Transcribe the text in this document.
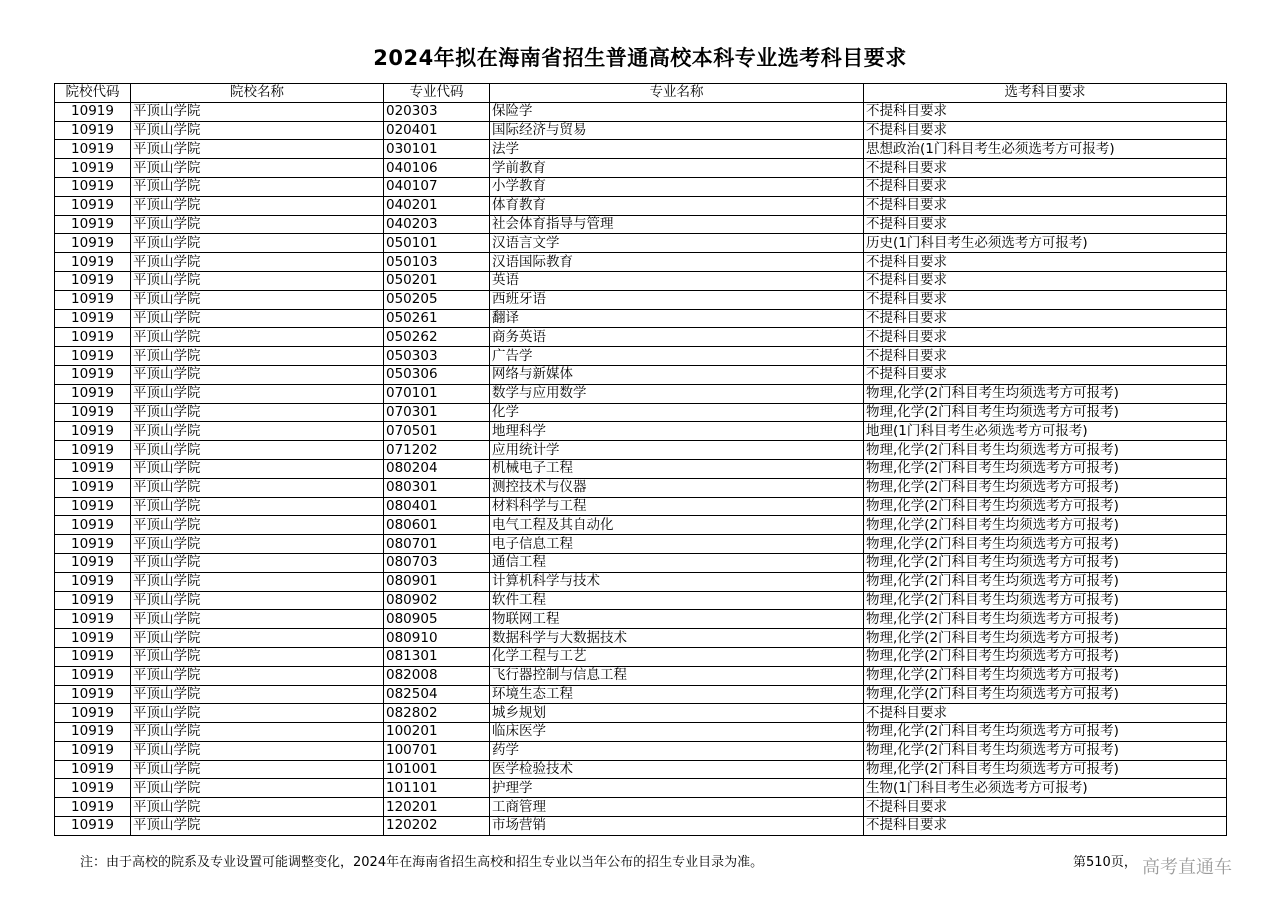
2024年拟在海南省招生普通高校本科专业选考科目要求
院校代码	院校名称	专业代码	专业名称	选考科目要求
10919	平顶山学院	020303	保险学	不提科目要求
10919	平顶山学院	020401	国际经济与贸易	不提科目要求
10919	平顶山学院	030101	法学	思想政治(1门科目考生必须选考方可报考)
10919	平顶山学院	040106	学前教育	不提科目要求
10919	平顶山学院	040107	小学教育	不提科目要求
10919	平顶山学院	040201	体育教育	不提科目要求
10919	平顶山学院	040203	社会体育指导与管理	不提科目要求
10919	平顶山学院	050101	汉语言文学	历史(1门科目考生必须选考方可报考)
10919	平顶山学院	050103	汉语国际教育	不提科目要求
10919	平顶山学院	050201	英语	不提科目要求
10919	平顶山学院	050205	西班牙语	不提科目要求
10919	平顶山学院	050261	翻译	不提科目要求
10919	平顶山学院	050262	商务英语	不提科目要求
10919	平顶山学院	050303	广告学	不提科目要求
10919	平顶山学院	050306	网络与新媒体	不提科目要求
10919	平顶山学院	070101	数学与应用数学	物理,化学(2门科目考生均须选考方可报考)
10919	平顶山学院	070301	化学	物理,化学(2门科目考生均须选考方可报考)
10919	平顶山学院	070501	地理科学	地理(1门科目考生必须选考方可报考)
10919	平顶山学院	071202	应用统计学	物理,化学(2门科目考生均须选考方可报考)
10919	平顶山学院	080204	机械电子工程	物理,化学(2门科目考生均须选考方可报考)
10919	平顶山学院	080301	测控技术与仪器	物理,化学(2门科目考生均须选考方可报考)
10919	平顶山学院	080401	材料科学与工程	物理,化学(2门科目考生均须选考方可报考)
10919	平顶山学院	080601	电气工程及其自动化	物理,化学(2门科目考生均须选考方可报考)
10919	平顶山学院	080701	电子信息工程	物理,化学(2门科目考生均须选考方可报考)
10919	平顶山学院	080703	通信工程	物理,化学(2门科目考生均须选考方可报考)
10919	平顶山学院	080901	计算机科学与技术	物理,化学(2门科目考生均须选考方可报考)
10919	平顶山学院	080902	软件工程	物理,化学(2门科目考生均须选考方可报考)
10919	平顶山学院	080905	物联网工程	物理,化学(2门科目考生均须选考方可报考)
10919	平顶山学院	080910	数据科学与大数据技术	物理,化学(2门科目考生均须选考方可报考)
10919	平顶山学院	081301	化学工程与工艺	物理,化学(2门科目考生均须选考方可报考)
10919	平顶山学院	082008	飞行器控制与信息工程	物理,化学(2门科目考生均须选考方可报考)
10919	平顶山学院	082504	环境生态工程	物理,化学(2门科目考生均须选考方可报考)
10919	平顶山学院	082802	城乡规划	不提科目要求
10919	平顶山学院	100201	临床医学	物理,化学(2门科目考生均须选考方可报考)
10919	平顶山学院	100701	药学	物理,化学(2门科目考生均须选考方可报考)
10919	平顶山学院	101001	医学检验技术	物理,化学(2门科目考生均须选考方可报考)
10919	平顶山学院	101101	护理学	生物(1门科目考生必须选考方可报考)
10919	平顶山学院	120201	工商管理	不提科目要求
10919	平顶山学院	120202	市场营销	不提科目要求
注：由于高校的院系及专业设置可能调整变化，2024年在海南省招生高校和招生专业以当年公布的招生专业目录为准。	第510页， 高考直通车
